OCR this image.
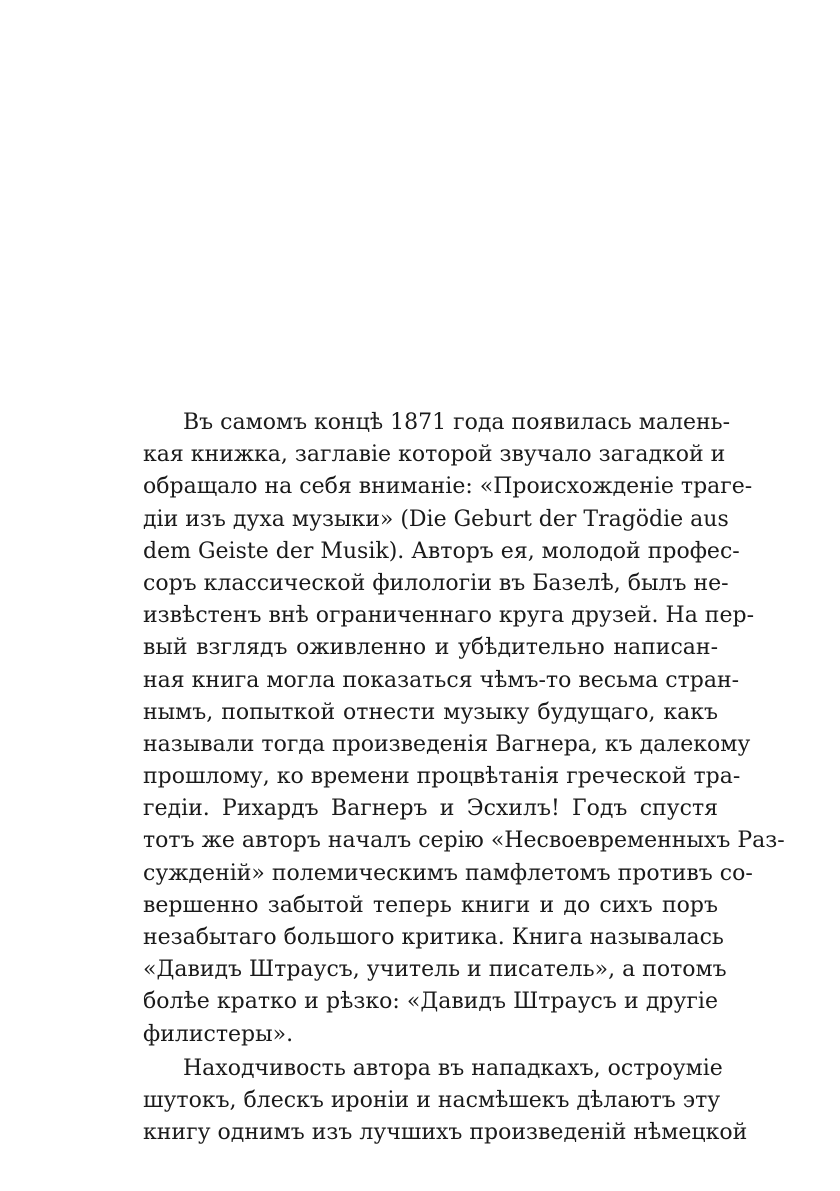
Въ самомъ концѣ 1871 года появилась малень-
кая книжка, заглавіе которой звучало загадкой и
обращало на себя вниманіе: «Происхожденіе траге-
діи изъ духа музыки» (Die Geburt der Tragödie aus
dem Geiste der Musik). Авторъ ея, молодой профес-
соръ классической филологіи въ Базелѣ, былъ не-
извѣстенъ внѣ ограниченнаго круга друзей. На пер-
вый взглядъ оживленно и убѣдительно написан-
ная книга могла показаться чѣмъ-то весьма стран-
нымъ, попыткой отнести музыку будущаго, какъ
называли тогда произведенія Вагнера, къ далекому
прошлому, ко времени процвѣтанія греческой тра-
гедіи. Рихардъ Вагнеръ и Эсхилъ! Годъ спустя
тотъ же авторъ началъ серію «Несвоевременныхъ Раз-
сужденій» полемическимъ памфлетомъ противъ со-
вершенно забытой теперь книги и до сихъ поръ
незабытаго большого критика. Книга называлась
«Давидъ Штраусъ, учитель и писатель», а потомъ
болѣе кратко и рѣзко: «Давидъ Штраусъ и другіе
филистеры».
Находчивость автора въ нападкахъ, остроуміе
шутокъ, блескъ ироніи и насмѣшекъ дѣлаютъ эту
книгу однимъ изъ лучшихъ произведеній нѣмецкой
